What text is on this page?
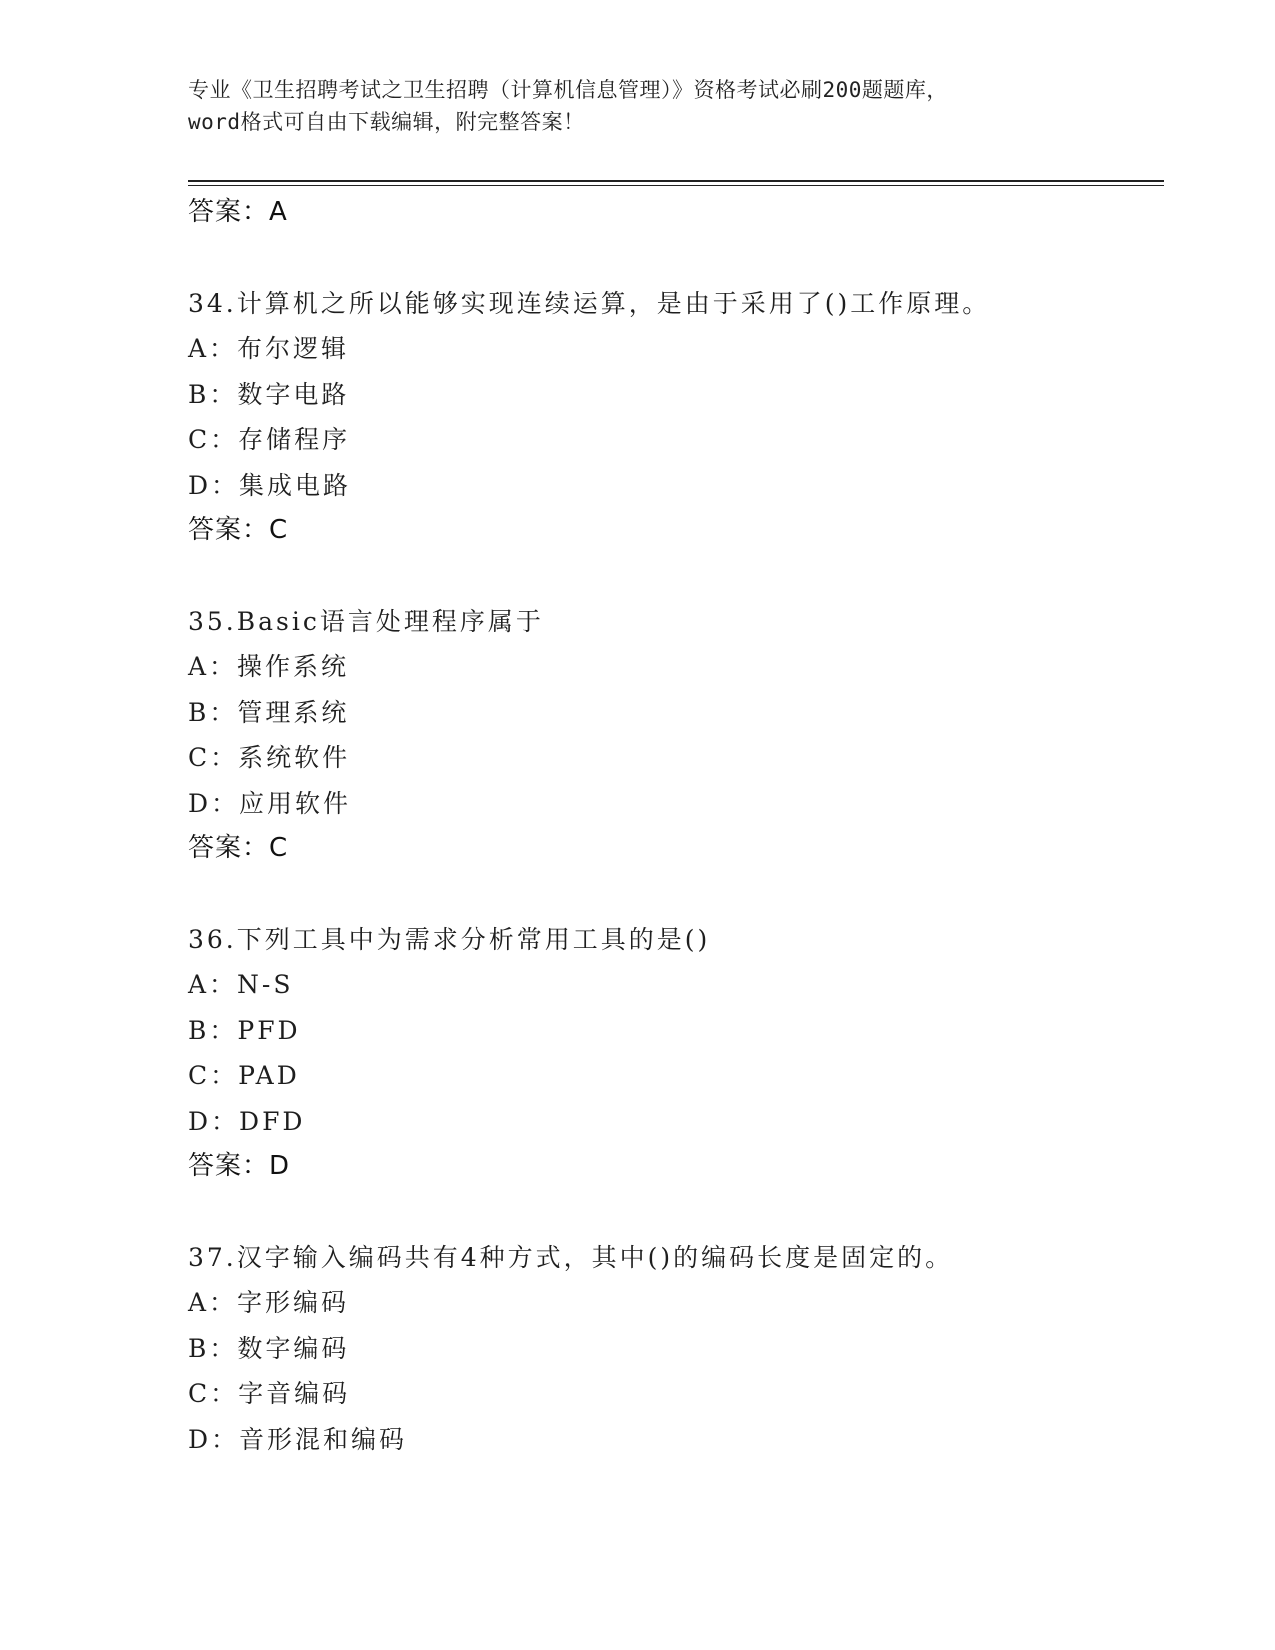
专业《卫生招聘考试之卫生招聘（计算机信息管理）》资格考试必刷200题题库，
word格式可自由下载编辑，附完整答案！
答案：A
34.计算机之所以能够实现连续运算，是由于采用了()工作原理。
A：布尔逻辑
B：数字电路
C：存储程序
D：集成电路
答案：C
35.Basic语言处理程序属于
A：操作系统
B：管理系统
C：系统软件
D：应用软件
答案：C
36.下列工具中为需求分析常用工具的是()
A：N-S
B：PFD
C：PAD
D：DFD
答案：D
37.汉字输入编码共有4种方式，其中()的编码长度是固定的。
A：字形编码
B：数字编码
C：字音编码
D：音形混和编码
